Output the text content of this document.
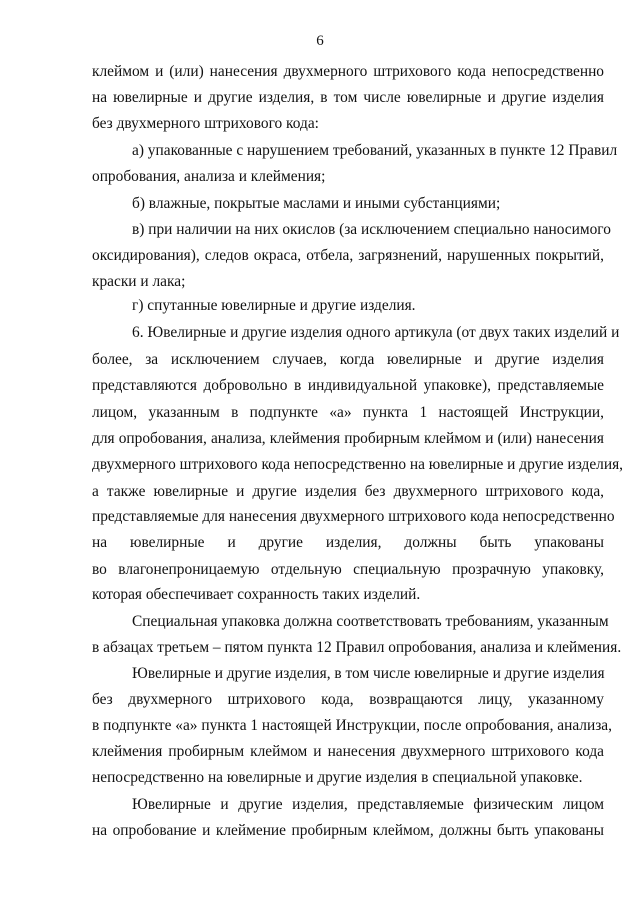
6
клеймом и (или) нанесения двухмерного штрихового кода непосредственно
на ювелирные и другие изделия, в том числе ювелирные и другие изделия
без двухмерного штрихового кода:
а) упакованные с нарушением требований, указанных в пункте 12 Правил
опробования, анализа и клеймения;
б) влажные, покрытые маслами и иными субстанциями;
в) при наличии на них окислов (за исключением специально наносимого
оксидирования), следов окраса, отбела, загрязнений, нарушенных покрытий,
краски и лака;
г) спутанные ювелирные и другие изделия.
6. Ювелирные и другие изделия одного артикула (от двух таких изделий и
более, за исключением случаев, когда ювелирные и другие изделия
представляются добровольно в индивидуальной упаковке), представляемые
лицом, указанным в подпункте «а» пункта 1 настоящей Инструкции,
для опробования, анализа, клеймения пробирным клеймом и (или) нанесения
двухмерного штрихового кода непосредственно на ювелирные и другие изделия,
а также ювелирные и другие изделия без двухмерного штрихового кода,
представляемые для нанесения двухмерного штрихового кода непосредственно
на ювелирные и другие изделия, должны быть упакованы
во влагонепроницаемую отдельную специальную прозрачную упаковку,
которая обеспечивает сохранность таких изделий.
Специальная упаковка должна соответствовать требованиям, указанным
в абзацах третьем – пятом пункта 12 Правил опробования, анализа и клеймения.
Ювелирные и другие изделия, в том числе ювелирные и другие изделия
без двухмерного штрихового кода, возвращаются лицу, указанному
в подпункте «а» пункта 1 настоящей Инструкции, после опробования, анализа,
клеймения пробирным клеймом и нанесения двухмерного штрихового кода
непосредственно на ювелирные и другие изделия в специальной упаковке.
Ювелирные и другие изделия, представляемые физическим лицом
на опробование и клеймение пробирным клеймом, должны быть упакованы
